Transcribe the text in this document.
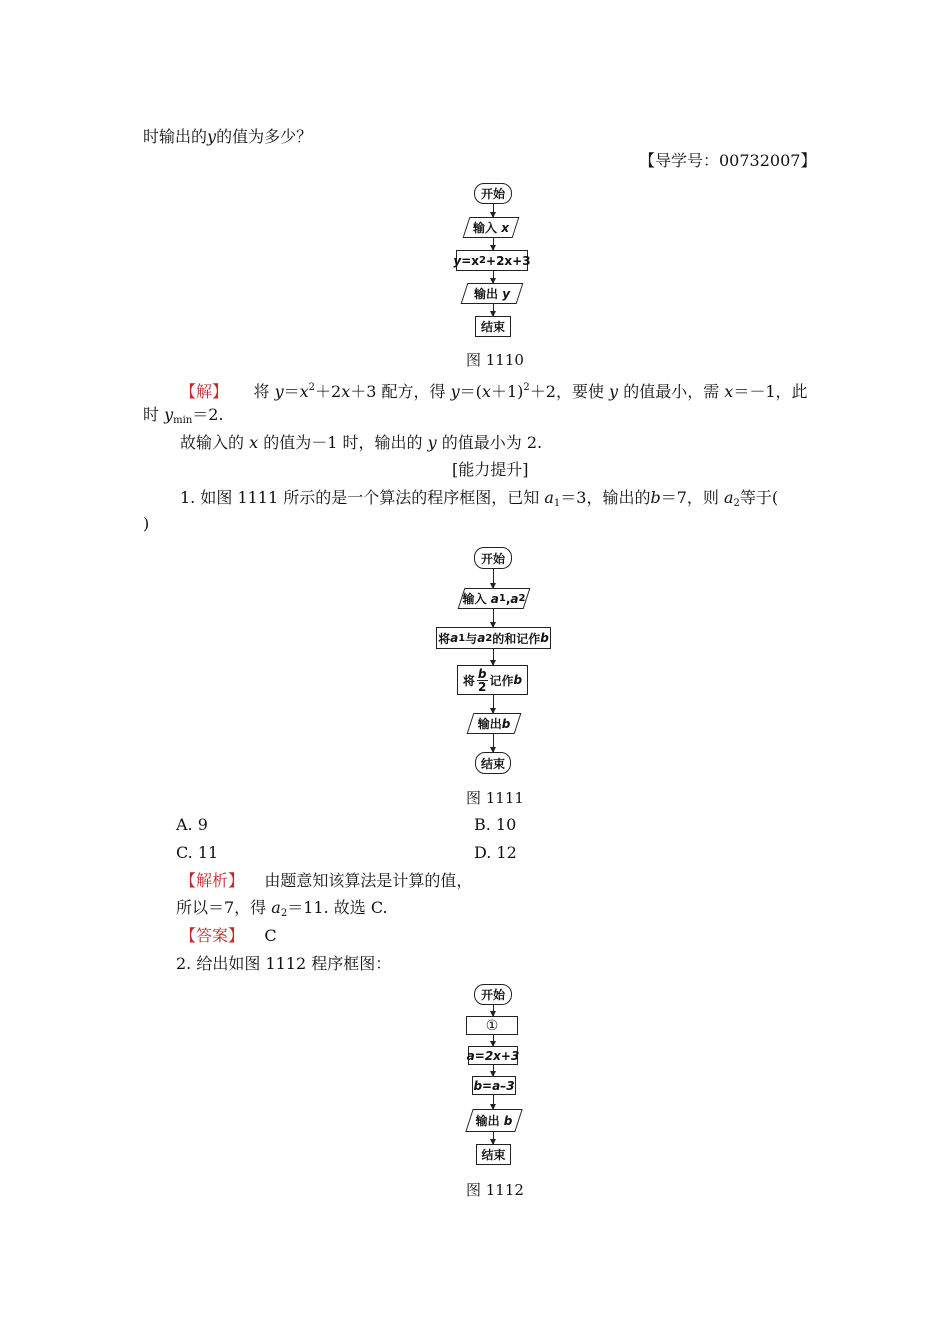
时输出的y的值为多少？
【导学号：00732007】
开始
输入
x
y =x 2 +2x+3
输出
y
结束
图 1110
【解】 将 $y=x^2+2x+3$ 配方，得 $y=(x+1)^2+2$，要使 y 的值最小，需 x＝－1，此
时 $y_{min}=2$.
故输入的 x 的值为－1 时，输出的 y 的值最小为 2.
[能力提升]
1. 如图 1111 所示的是一个算法的程序框图，已知 $a_1=3$，输出的b＝7，则 $a_2$等于(
)
开始
输入
a 1 , a 2
将 a 1 与 a 2 的和记作 b
将 $\frac{b}{2}$ 记作 b
输出 b
结束
图 1111
A. 9	B. 10
C. 11	D. 12
【解析】 由题意知该算法是计算的值，
所以＝7，得 $a_2=11$. 故选 C.
【答案】 C
2. 给出如图 1112 程序框图：
开始
①
a=2x+3
b=a–3
输出
b
结束
图 1112
